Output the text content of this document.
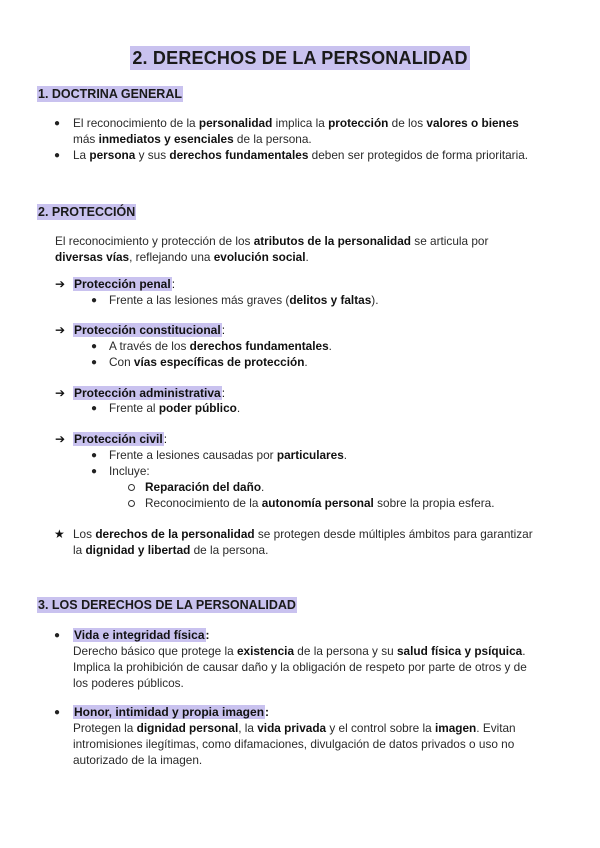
2. DERECHOS DE LA PERSONALIDAD
1. DOCTRINA GENERAL
● El reconocimiento de la personalidad implica la protección de los valores o bienes
más inmediatos y esenciales de la persona.
● La persona y sus derechos fundamentales deben ser protegidos de forma prioritaria.
2. PROTECCIÓN
El reconocimiento y protección de los atributos de la personalidad se articula por
diversas vías, reflejando una evolución social.
➔ Protección penal:
● Frente a las lesiones más graves (delitos y faltas).
➔ Protección constitucional:
● A través de los derechos fundamentales.
● Con vías específicas de protección.
➔ Protección administrativa:
● Frente al poder público.
➔ Protección civil:
● Frente a lesiones causadas por particulares.
● Incluye:
Reparación del daño.
Reconocimiento de la autonomía personal sobre la propia esfera.
★ Los derechos de la personalidad se protegen desde múltiples ámbitos para garantizar
la dignidad y libertad de la persona.
3. LOS DERECHOS DE LA PERSONALIDAD
● Vida e integridad física:
Derecho básico que protege la existencia de la persona y su salud física y psíquica.
Implica la prohibición de causar daño y la obligación de respeto por parte de otros y de
los poderes públicos.
● Honor, intimidad y propia imagen:
Protegen la dignidad personal, la vida privada y el control sobre la imagen. Evitan
intromisiones ilegítimas, como difamaciones, divulgación de datos privados o uso no
autorizado de la imagen.
